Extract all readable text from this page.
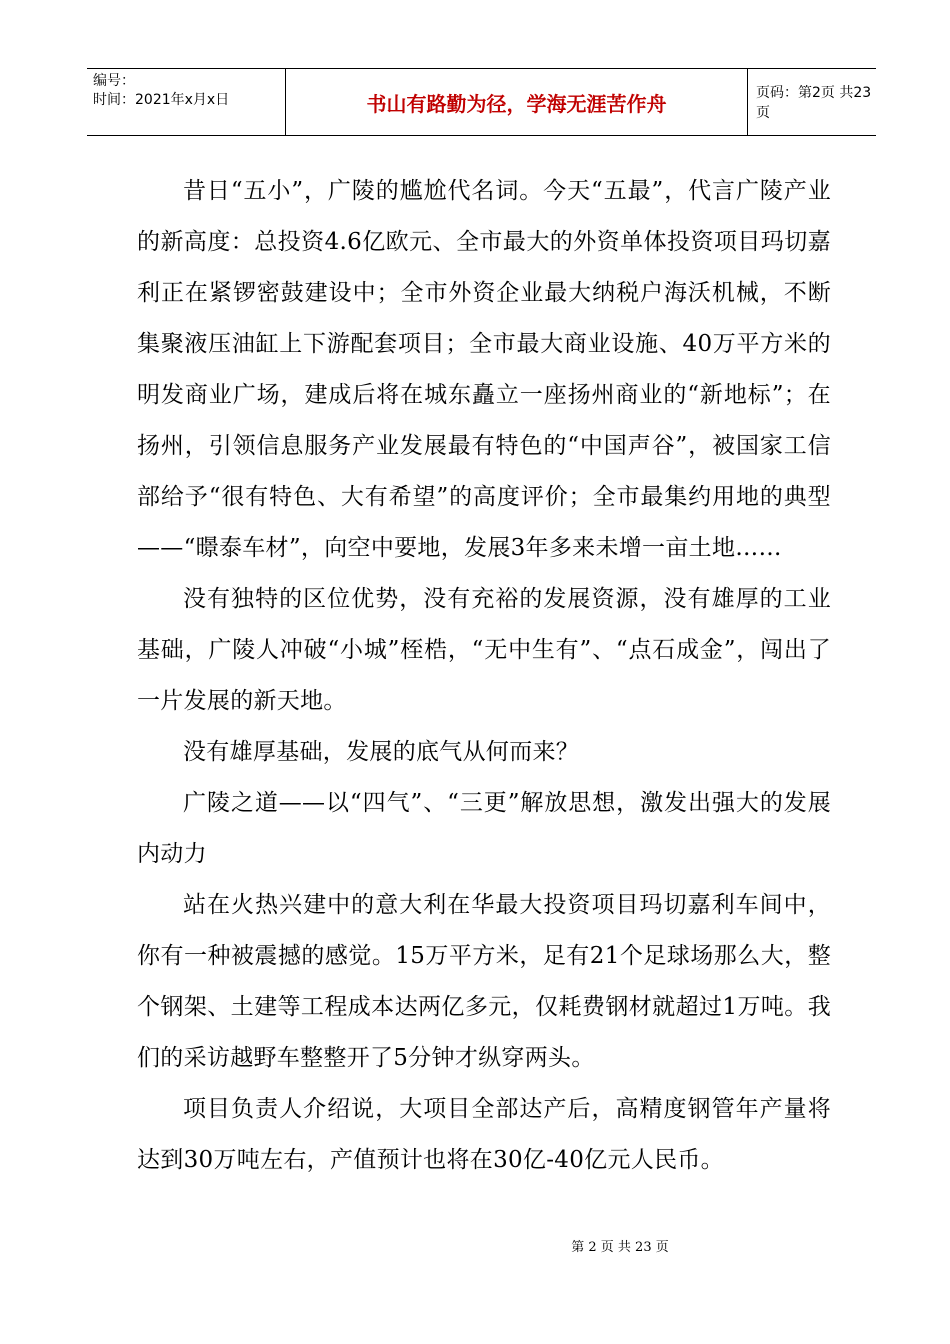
编号：
时间：2021年x月x日	书山有路勤为径，学海无涯苦作舟	页码：第2页 共23页

昔日“五小”，广陵的尴尬代名词。今天“五最”，代言广陵产业的新高度：总投资4.6亿欧元、全市最大的外资单体投资项目玛切嘉利正在紧锣密鼓建设中；全市外资企业最大纳税户海沃机械，不断集聚液压油缸上下游配套项目；全市最大商业设施、40万平方米的明发商业广场，建成后将在城东矗立一座扬州商业的“新地标”；在扬州，引领信息服务产业发展最有特色的“中国声谷”，被国家工信部给予“很有特色、大有希望”的高度评价；全市最集约用地的典型——“暻泰车材”，向空中要地，发展3年多来未增一亩土地……

没有独特的区位优势，没有充裕的发展资源，没有雄厚的工业基础，广陵人冲破“小城”桎梏，“无中生有”、“点石成金”，闯出了一片发展的新天地。

没有雄厚基础，发展的底气从何而来？

广陵之道——以“四气”、“三更”解放思想，激发出强大的发展内动力

站在火热兴建中的意大利在华最大投资项目玛切嘉利车间中，你有一种被震撼的感觉。15万平方米，足有21个足球场那么大，整个钢架、土建等工程成本达两亿多元，仅耗费钢材就超过1万吨。我们的采访越野车整整开了5分钟才纵穿两头。

项目负责人介绍说，大项目全部达产后，高精度钢管年产量将达到30万吨左右，产值预计也将在30亿-40亿元人民币。

第 2 页 共 23 页
